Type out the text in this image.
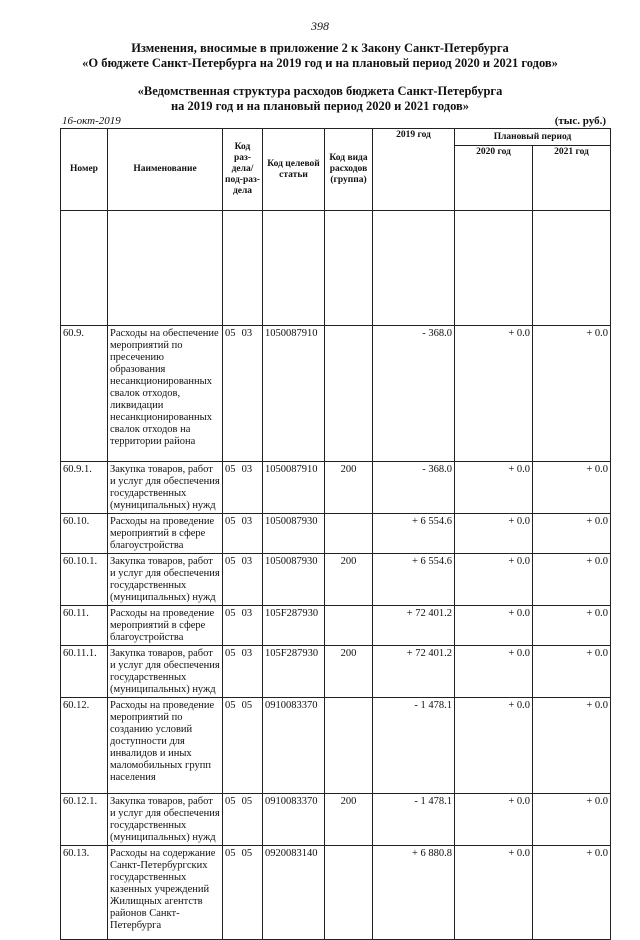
398
Изменения, вносимые в приложение 2 к Закону Санкт-Петербурга
«О бюджете Санкт-Петербурга на 2019 год и на плановый период 2020 и 2021 годов»
«Ведомственная структура расходов бюджета Санкт-Петербурга
на 2019 год и на плановый период 2020 и 2021 годов»
16-окт-2019	(тыс. руб.)
Номер	Наименование	Код раз-дела/ под-раз-дела	Код целевой статьи	Код вида расходов (группа)	2019 год	Плановый период	
						2020 год	2021 год

60.9.	Расходы на обеспечение мероприятий по пресечению образования несанкционированных свалок отходов, ликвидации несанкционированных свалок отходов на территории района	05 03	1050087910		- 368.0	+ 0.0	+ 0.0
60.9.1.	Закупка товаров, работ и услуг для обеспечения государственных (муниципальных) нужд	05 03	1050087910	200	- 368.0	+ 0.0	+ 0.0
60.10.	Расходы на проведение мероприятий в сфере благоустройства	05 03	1050087930		+ 6 554.6	+ 0.0	+ 0.0
60.10.1.	Закупка товаров, работ и услуг для обеспечения государственных (муниципальных) нужд	05 03	1050087930	200	+ 6 554.6	+ 0.0	+ 0.0
60.11.	Расходы на проведение мероприятий в сфере благоустройства	05 03	105F287930		+ 72 401.2	+ 0.0	+ 0.0
60.11.1.	Закупка товаров, работ и услуг для обеспечения государственных (муниципальных) нужд	05 03	105F287930	200	+ 72 401.2	+ 0.0	+ 0.0
60.12.	Расходы на проведение мероприятий по созданию условий доступности для инвалидов и иных маломобильных групп населения	05 05	0910083370		- 1 478.1	+ 0.0	+ 0.0
60.12.1.	Закупка товаров, работ и услуг для обеспечения государственных (муниципальных) нужд	05 05	0910083370	200	- 1 478.1	+ 0.0	+ 0.0
60.13.	Расходы на содержание Санкт-Петербургских государственных казенных учреждений Жилищных агентств районов Санкт-Петербурга	05 05	0920083140		+ 6 880.8	+ 0.0	+ 0.0
